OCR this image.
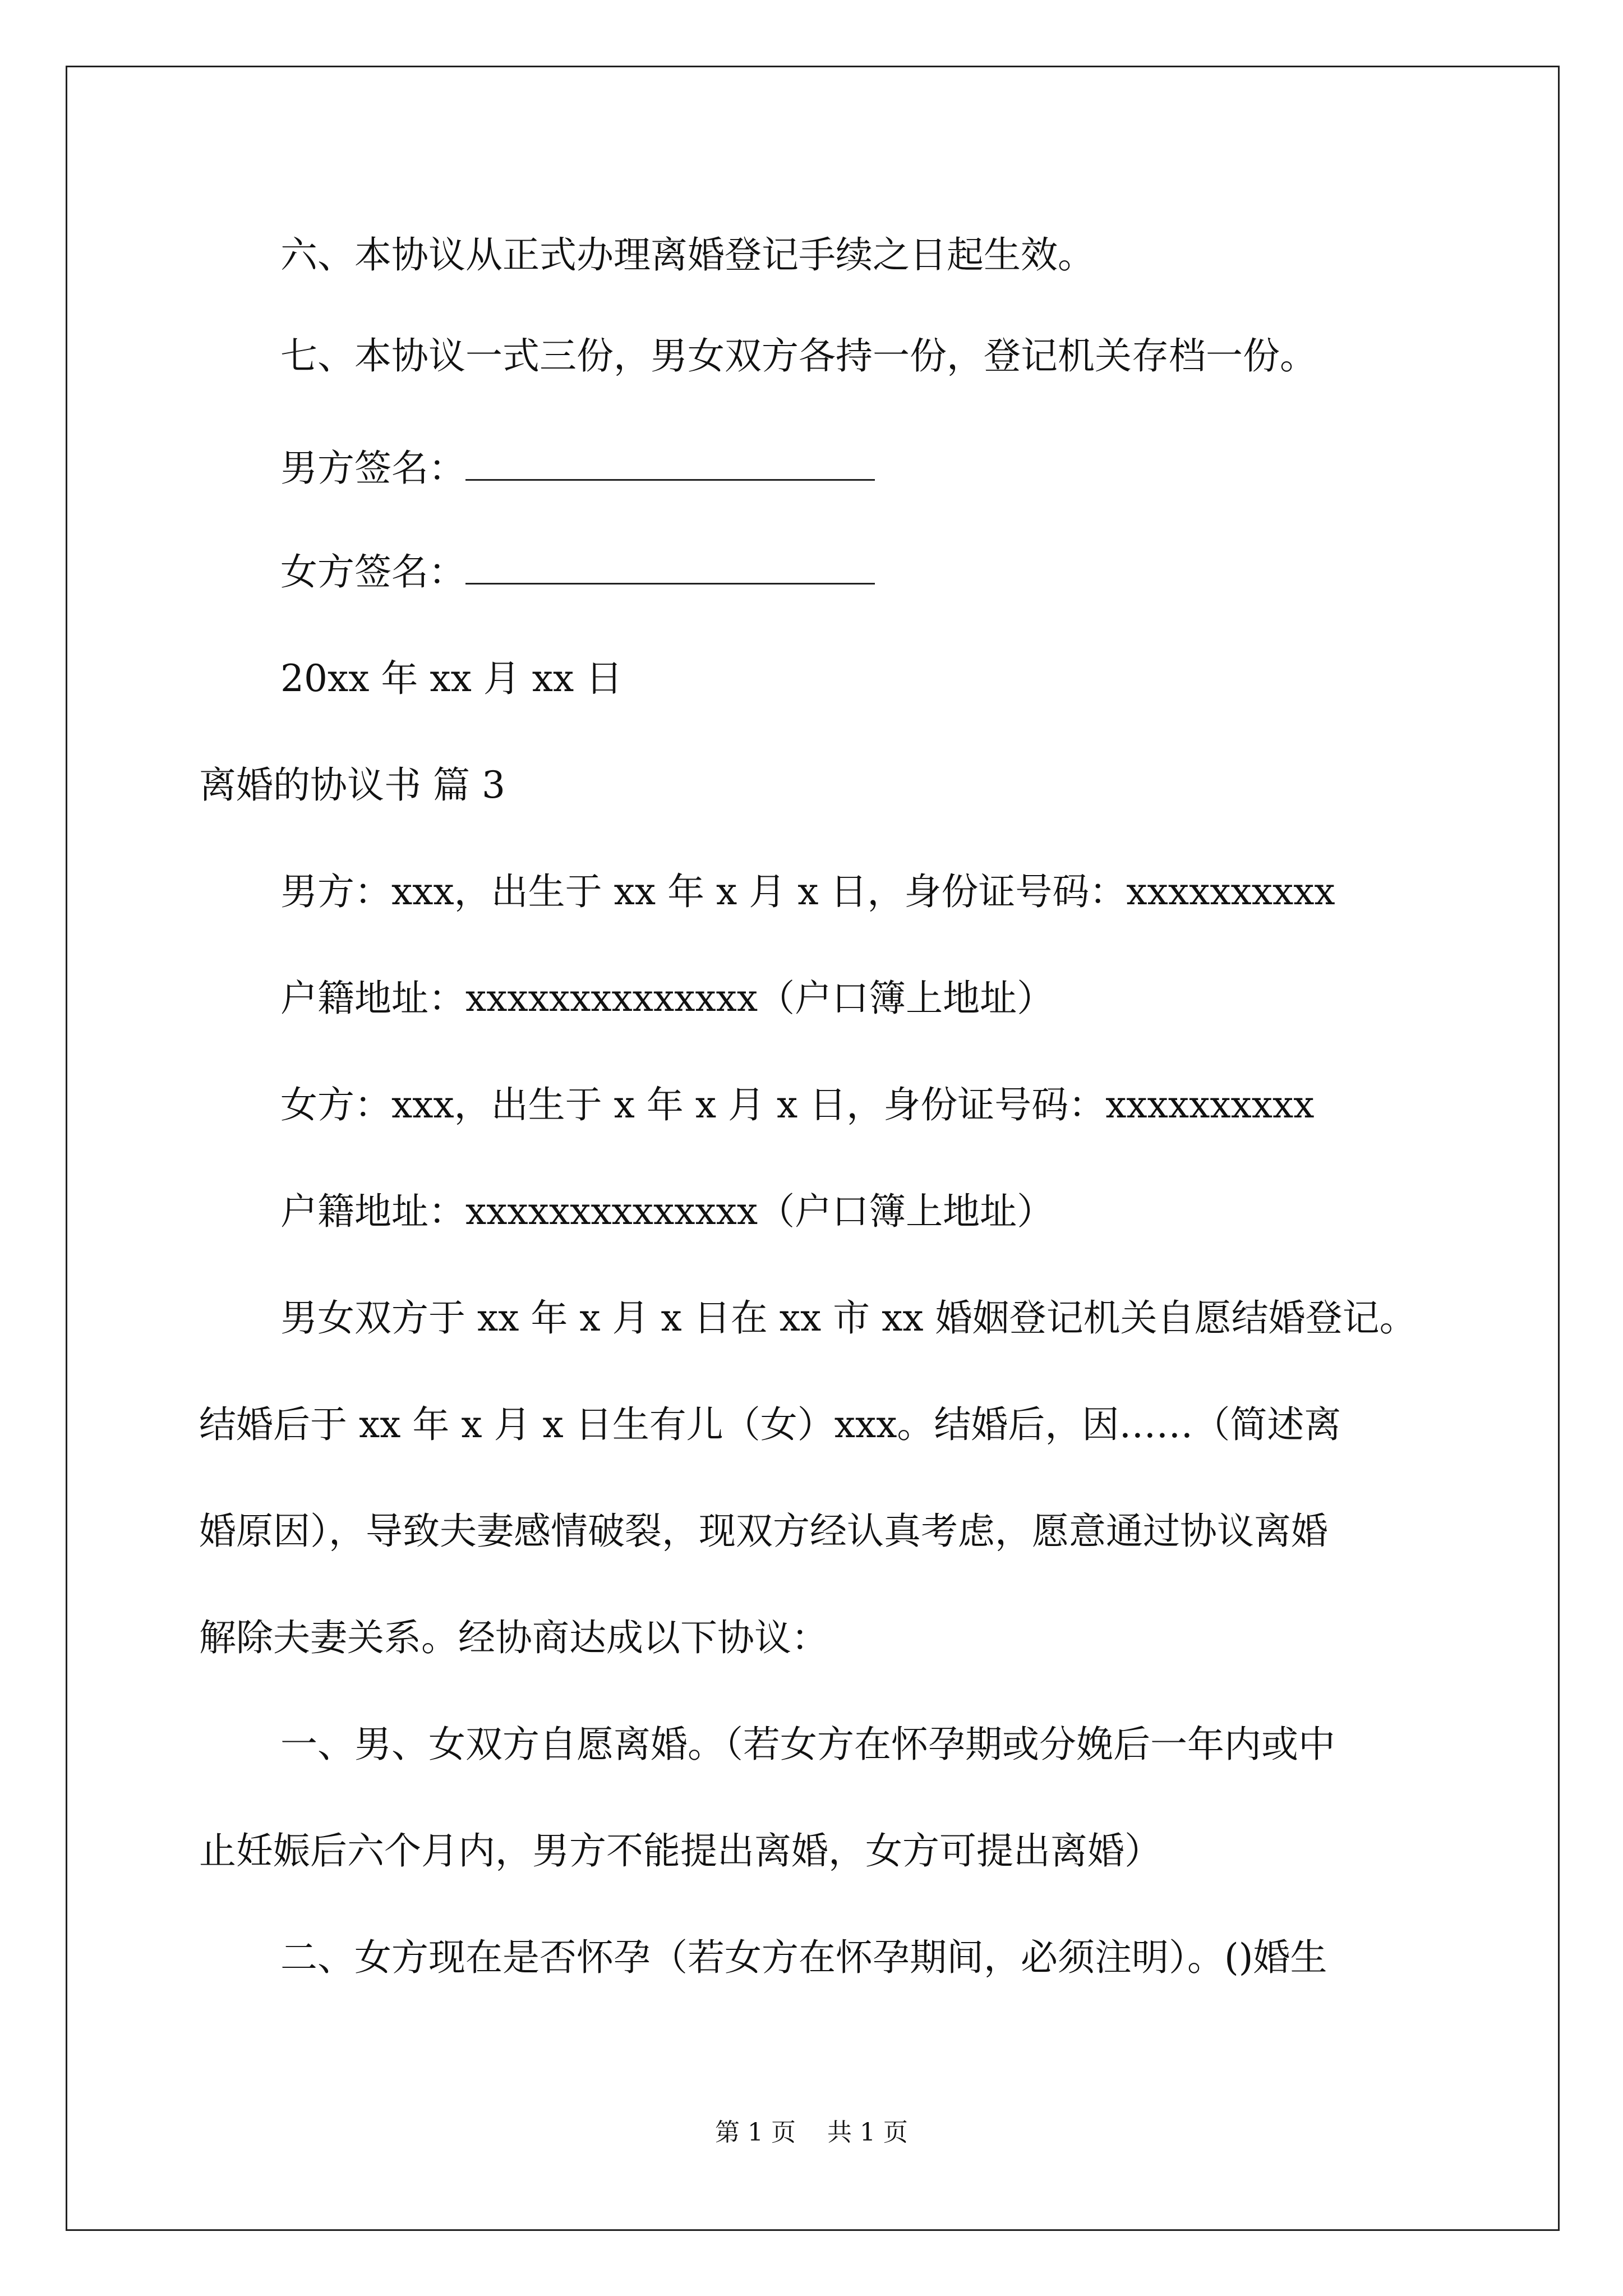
六、本协议从正式办理离婚登记手续之日起生效。
七、本协议一式三份，男女双方各持一份，登记机关存档一份。
男方签名：
女方签名：
20xx 年 xx 月 xx 日
离婚的协议书 篇 3
男方：xxx，出生于 xx 年 x 月 x 日，身份证号码：xxxxxxxxxx
户籍地址：xxxxxxxxxxxxxx（户口簿上地址）
女方：xxx，出生于 x 年 x 月 x 日，身份证号码：xxxxxxxxxx
户籍地址：xxxxxxxxxxxxxx（户口簿上地址）
男女双方于 xx 年 x 月 x 日在 xx 市 xx 婚姻登记机关自愿结婚登记。
结婚后于 xx 年 x 月 x 日生有儿（女）xxx。结婚后，因……（简述离
婚原因），导致夫妻感情破裂，现双方经认真考虑，愿意通过协议离婚
解除夫妻关系。经协商达成以下协议：
一、男、女双方自愿离婚。（若女方在怀孕期或分娩后一年内或中
止妊娠后六个月内，男方不能提出离婚，女方可提出离婚）
二、女方现在是否怀孕（若女方在怀孕期间，必须注明）。()婚生
第 1 页    共 1 页
